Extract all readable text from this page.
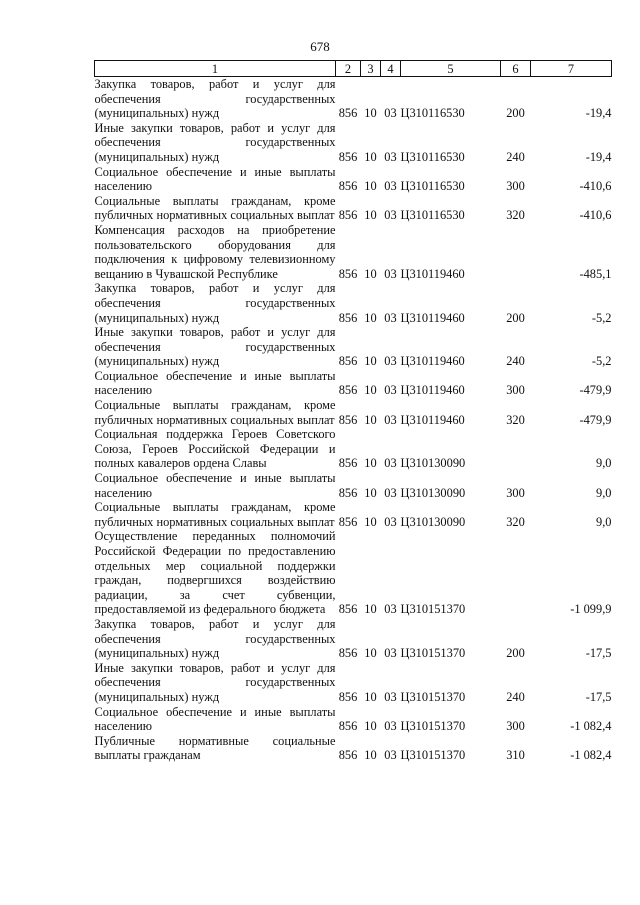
678
1	2	3	4	5	6	7
Закупка товаров, работ и услуг для обеспечения государственных (муниципальных) нужд	856	10	03	Ц310116530	200	-19,4
Иные закупки товаров, работ и услуг для обеспечения государственных (муниципальных) нужд	856	10	03	Ц310116530	240	-19,4
Социальное обеспечение и иные выплаты населению	856	10	03	Ц310116530	300	-410,6
Социальные выплаты гражданам, кроме публичных нормативных социальных выплат	856	10	03	Ц310116530	320	-410,6
Компенсация расходов на приобретение пользовательского оборудования для подключения к цифровому телевизионному вещанию в Чувашской Республике	856	10	03	Ц310119460		-485,1
Закупка товаров, работ и услуг для обеспечения государственных (муниципальных) нужд	856	10	03	Ц310119460	200	-5,2
Иные закупки товаров, работ и услуг для обеспечения государственных (муниципальных) нужд	856	10	03	Ц310119460	240	-5,2
Социальное обеспечение и иные выплаты населению	856	10	03	Ц310119460	300	-479,9
Социальные выплаты гражданам, кроме публичных нормативных социальных выплат	856	10	03	Ц310119460	320	-479,9
Социальная поддержка Героев Советского Союза, Героев Российской Федерации и полных кавалеров ордена Славы	856	10	03	Ц310130090		9,0
Социальное обеспечение и иные выплаты населению	856	10	03	Ц310130090	300	9,0
Социальные выплаты гражданам, кроме публичных нормативных социальных выплат	856	10	03	Ц310130090	320	9,0
Осуществление переданных полномочий Российской Федерации по предоставлению отдельных мер социальной поддержки граждан, подвергшихся воздействию радиации, за счет субвенции, предоставляемой из федерального бюджета	856	10	03	Ц310151370		-1 099,9
Закупка товаров, работ и услуг для обеспечения государственных (муниципальных) нужд	856	10	03	Ц310151370	200	-17,5
Иные закупки товаров, работ и услуг для обеспечения государственных (муниципальных) нужд	856	10	03	Ц310151370	240	-17,5
Социальное обеспечение и иные выплаты населению	856	10	03	Ц310151370	300	-1 082,4
Публичные нормативные социальные выплаты гражданам	856	10	03	Ц310151370	310	-1 082,4
